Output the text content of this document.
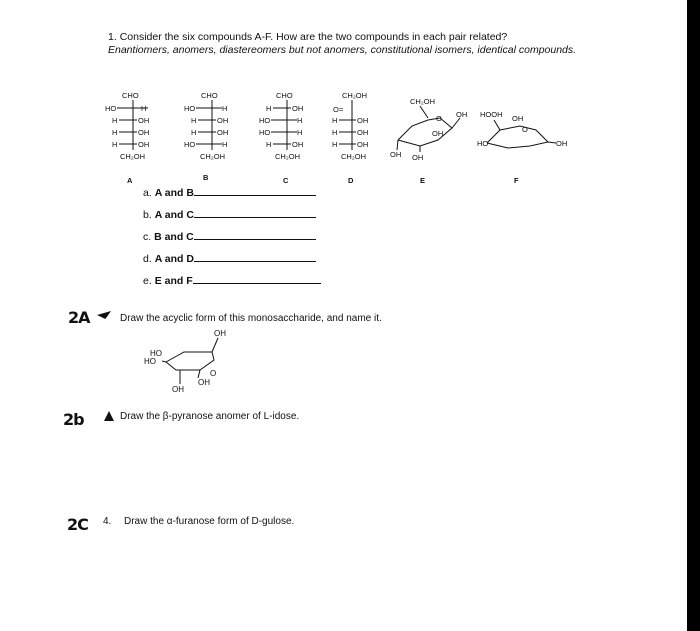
1. Consider the six compounds A-F. How are the two compounds in each pair related?
Enantiomers, anomers, diastereomers but not anomers, constitutional isomers, identical compounds.
CHO
HO	H
H	OH
H	OH
H	OH
CH₂OH
CHO
HO	H
H	OH
H	OH
HO	H
CH₂OH
CHO
H	OH
HO	H
HO	H
H	OH
CH₂OH
CH₂OH
O=
H	OH
H	OH
H	OH
CH₂OH
CH₂OH
O OH
OH
OH OH
HOOH OH
O
HO	OH
A	B	C	D	E	F
a. A and B
b. A and C
c. B and C
d. A and D
e. E and F
2A	Draw the acyclic form of this monosaccharide, and name it.
OH
HO
HO
O
OH
OH
2b	Draw the β-pyranose anomer of L-idose.
2C 4. Draw the α-furanose form of D-gulose.
